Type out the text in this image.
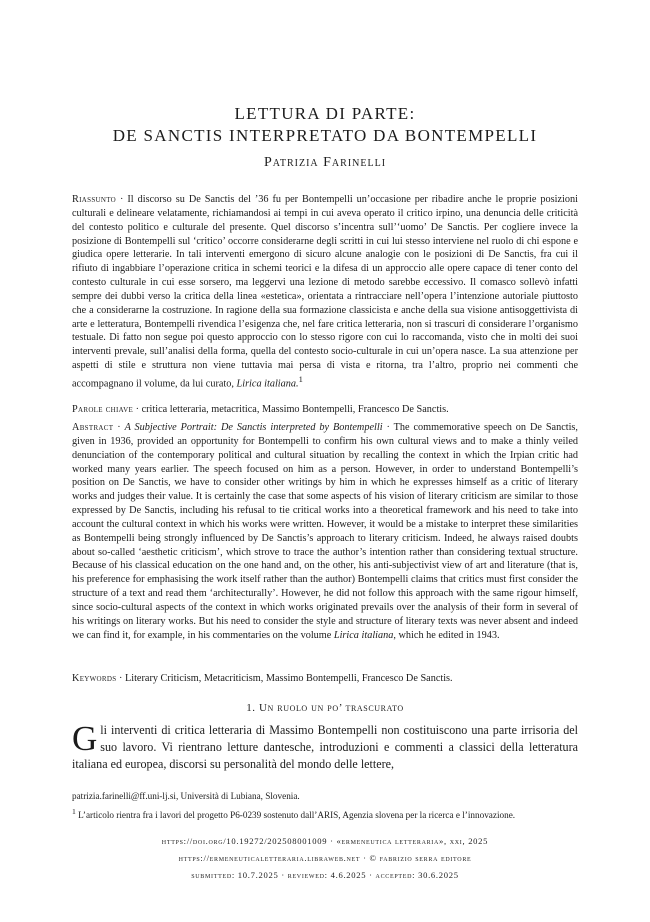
LETTURA DI PARTE:
DE SANCTIS INTERPRETATO DA BONTEMPELLI
Patrizia Farinelli
Riassunto · Il discorso su De Sanctis del ’36 fu per Bontempelli un’occasione per ribadire anche le proprie posizioni culturali e delineare velatamente, richiamandosi ai tempi in cui aveva operato il critico irpino, una denuncia delle criticità del contesto politico e culturale del presente. Quel discorso s’incentra sull’‘uomo’ De Sanctis. Per cogliere invece la posizione di Bontempelli sul ‘critico’ occorre considerarne degli scritti in cui lui stesso interviene nel ruolo di chi espone e giudica opere letterarie. In tali interventi emergono di sicuro alcune analogie con le posizioni di De Sanctis, fra cui il rifiuto di ingabbiare l’operazione critica in schemi teorici e la difesa di un approccio alle opere capace di tener conto del contesto culturale in cui esse sorsero, ma leggervi una lezione di metodo sarebbe eccessivo. Il comasco sollevò infatti sempre dei dubbi verso la critica della linea «estetica», orientata a rintracciare nell’opera l’intenzione autoriale piuttosto che a considerarne la costruzione. In ragione della sua formazione classicista e anche della sua visione antisoggettivista di arte e letteratura, Bontempelli rivendica l’esigenza che, nel fare critica letteraria, non si trascuri di considerare l’organismo testuale. Di fatto non segue poi questo approccio con lo stesso rigore con cui lo raccomanda, visto che in molti dei suoi interventi prevale, sull’analisi della forma, quella del contesto socio-culturale in cui un’opera nasce. La sua attenzione per aspetti di stile e struttura non viene tuttavia mai persa di vista e ritorna, tra l’altro, proprio nei commenti che accompagnano il volume, da lui curato, Lirica italiana.$^1$
Parole chiave · critica letteraria, metacritica, Massimo Bontempelli, Francesco De Sanctis.
Abstract · A Subjective Portrait: De Sanctis interpreted by Bontempelli · The commemorative speech on De Sanctis, given in 1936, provided an opportunity for Bontempelli to confirm his own cultural views and to make a thinly veiled denunciation of the contemporary political and cultural situation by recalling the context in which the Irpian critic had worked many years earlier. The speech focused on him as a person. However, in order to understand Bontempelli’s position on De Sanctis, we have to consider other writings by him in which he expresses himself as a critic of literary works and judges their value. It is certainly the case that some aspects of his vision of literary criticism are similar to those expressed by De Sanctis, including his refusal to tie critical works into a theoretical framework and his need to take into account the cultural context in which his works were written. However, it would be a mistake to interpret these similarities as Bontempelli being strongly influenced by De Sanctis’s approach to literary criticism. Indeed, he always raised doubts about so-called ‘aesthetic criticism’, which strove to trace the author’s intention rather than considering textual structure. Because of his classical education on the one hand and, on the other, his anti-subjectivist view of art and literature (that is, his preference for emphasising the work itself rather than the author) Bontempelli claims that critics must first consider the structure of a text and read them ‘architecturally’. However, he did not follow this approach with the same rigour himself, since socio-cultural aspects of the context in which works originated prevails over the analysis of their form in several of his writings on literary works. But his need to consider the style and structure of literary texts was never absent and indeed we can find it, for example, in his commentaries on the volume Lirica italiana, which he edited in 1943.
Keywords · Literary Criticism, Metacriticism, Massimo Bontempelli, Francesco De Sanctis.
1. Un ruolo un po’ trascurato
Gli interventi di critica letteraria di Massimo Bontempelli non costituiscono una parte irrisoria del suo lavoro. Vi rientrano letture dantesche, introduzioni e commenti a classici della letteratura italiana ed europea, discorsi su personalità del mondo delle lettere,

patrizia.farinelli@ff.uni-lj.si, Università di Lubiana, Slovenia.

$^1$ L’articolo rientra fra i lavori del progetto P6-0239 sostenuto dall’ARIS, Agenzia slovena per la ricerca e l’innovazione.

https://doi.org/10.19272/202508001009 · «ermeneutica letteraria», xxi, 2025
https://ermeneuticaletteraria.libraweb.net · © fabrizio serra editore
submitted: 10.7.2025 · reviewed: 4.6.2025 · accepted: 30.6.2025
